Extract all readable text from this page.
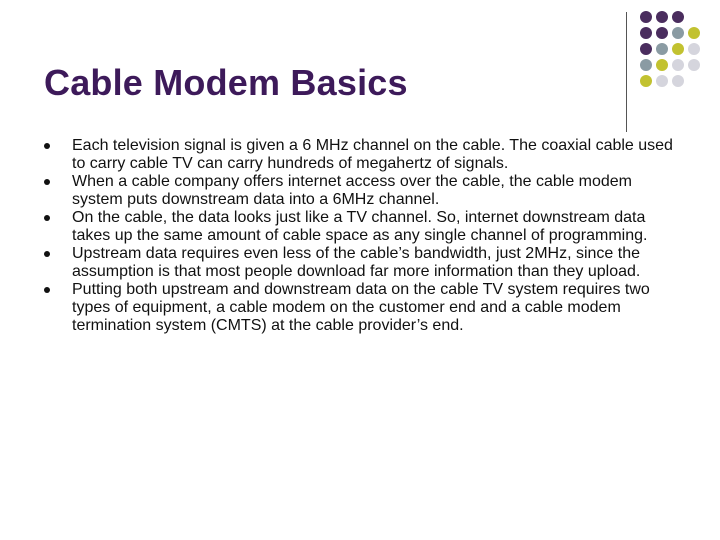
Cable Modem Basics
Each television signal is given a 6 MHz channel on the cable. The coaxial cable used to carry cable TV can carry hundreds of megahertz of signals.
When a cable company offers internet access over the cable, the cable modem system puts downstream data into a 6MHz channel.
On the cable, the data looks just like a TV channel. So, internet downstream data takes up the same amount of cable space as any single channel of programming.
Upstream data requires even less of the cable’s bandwidth, just 2MHz, since the assumption is that most people download far more information than they upload.
Putting both upstream and downstream data on the cable TV system requires two types of equipment, a cable modem on the customer end and a cable modem termination system (CMTS) at the cable provider’s end.
